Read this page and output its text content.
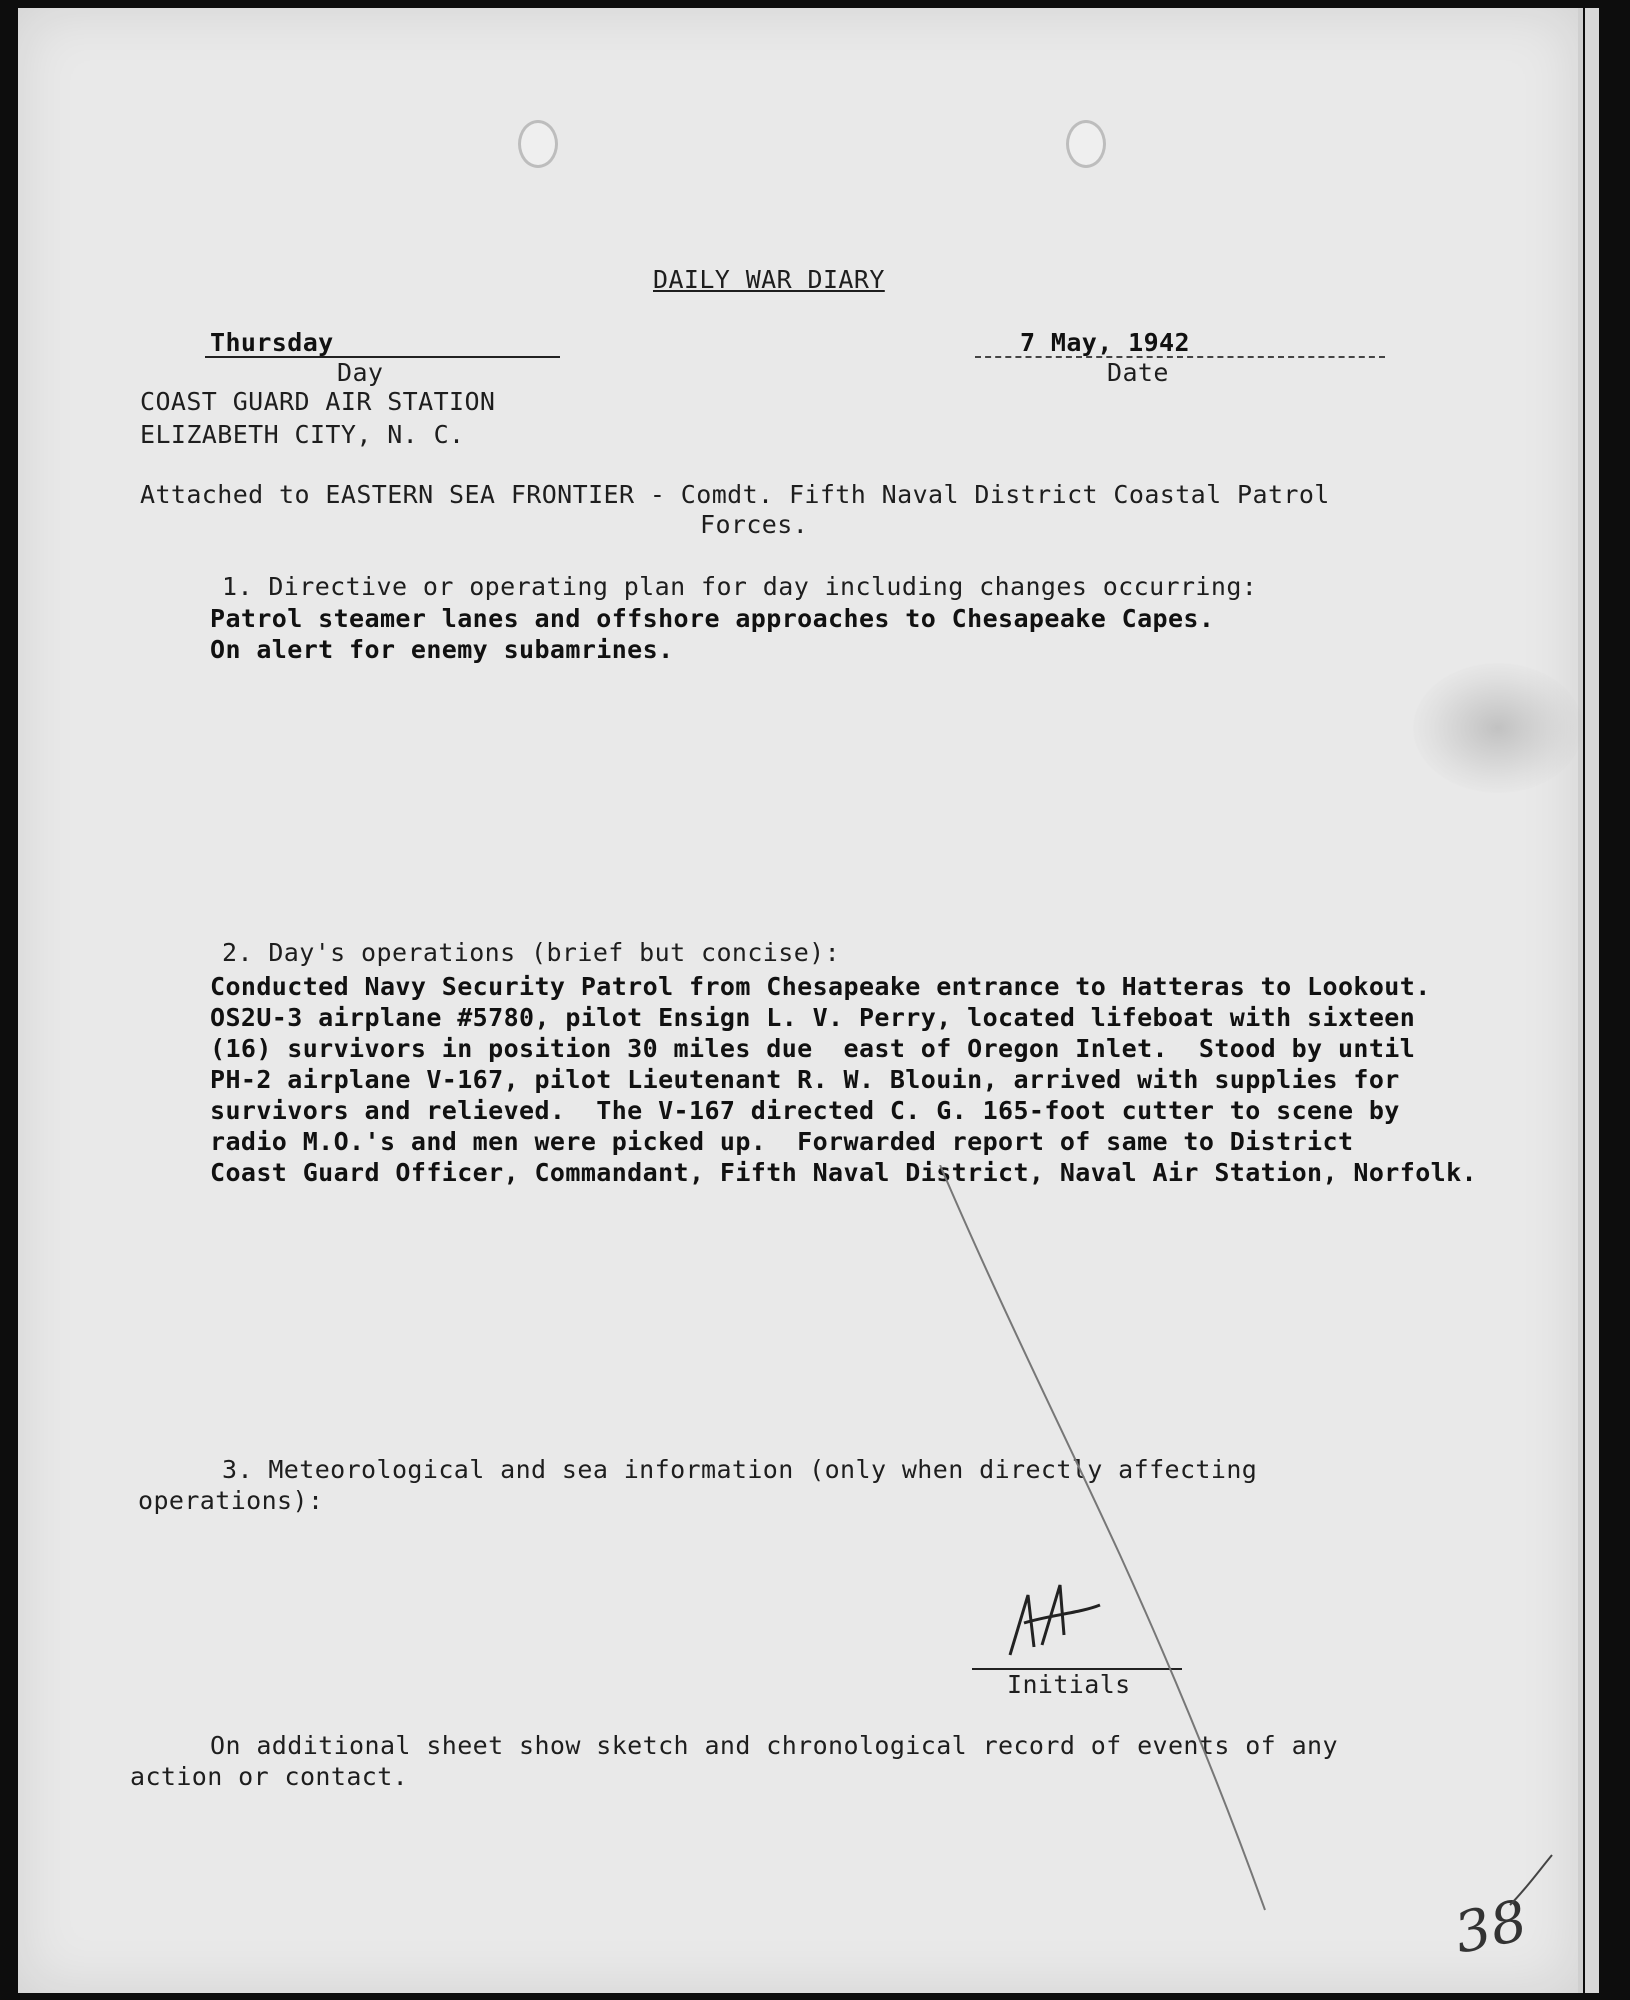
DAILY WAR DIARY
Thursday
Day
7 May, 1942
Date
COAST GUARD AIR STATION
ELIZABETH CITY, N. C.
Attached to EASTERN SEA FRONTIER - Comdt. Fifth Naval District Coastal Patrol
Forces.
1. Directive or operating plan for day including changes occurring:
Patrol steamer lanes and offshore approaches to Chesapeake Capes.
On alert for enemy subamrines.
2. Day's operations (brief but concise):
Conducted Navy Security Patrol from Chesapeake entrance to Hatteras to Lookout.
OS2U-3 airplane #5780, pilot Ensign L. V. Perry, located lifeboat with sixteen
(16) survivors in position 30 miles due  east of Oregon Inlet.  Stood by until
PH-2 airplane V-167, pilot Lieutenant R. W. Blouin, arrived with supplies for
survivors and relieved.  The V-167 directed C. G. 165-foot cutter to scene by
radio M.O.'s and men were picked up.  Forwarded report of same to District
Coast Guard Officer, Commandant, Fifth Naval District, Naval Air Station, Norfolk.
3. Meteorological and sea information (only when directly affecting
operations):
Initials
On additional sheet show sketch and chronological record of events of any
action or contact.
38
